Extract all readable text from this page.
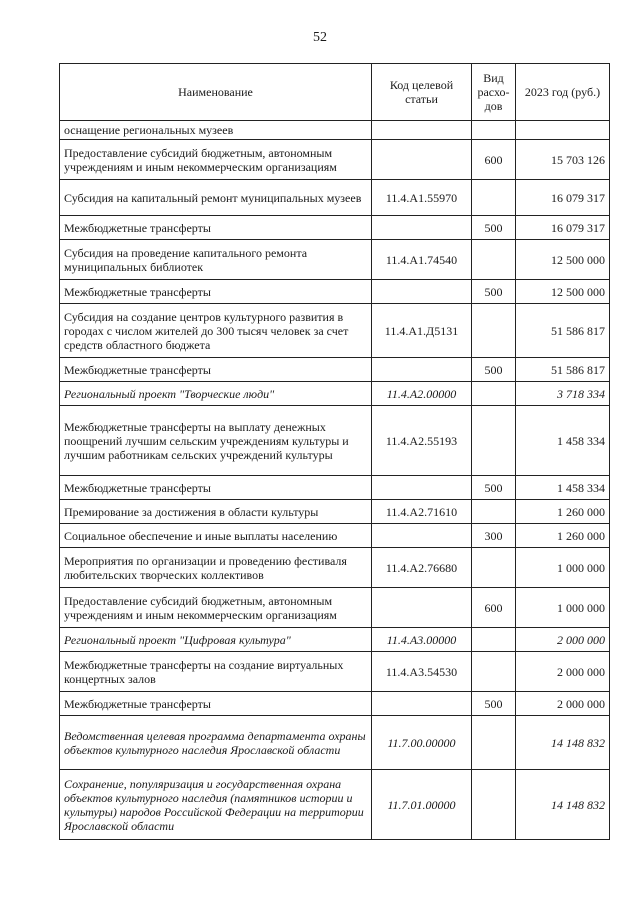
52
Наименование	Код целевой статьи	Вид расхо-дов	2023 год (руб.)
оснащение региональных музеев			
Предоставление субсидий бюджетным, автономным учреждениям и иным некоммерческим организациям		600	15 703 126
Субсидия на капитальный ремонт муниципальных музеев	11.4.A1.55970		16 079 317
Межбюджетные трансферты		500	16 079 317
Субсидия на проведение капитального ремонта муниципальных библиотек	11.4.A1.74540		12 500 000
Межбюджетные трансферты		500	12 500 000
Субсидия на создание центров культурного развития в городах с числом жителей до 300 тысяч человек за счет средств областного бюджета	11.4.A1.Д5131		51 586 817
Межбюджетные трансферты		500	51 586 817
Региональный проект "Творческие люди"	11.4.A2.00000		3 718 334
Межбюджетные трансферты на выплату денежных поощрений лучшим сельским учреждениям культуры и лучшим работникам сельских учреждений культуры	11.4.A2.55193		1 458 334
Межбюджетные трансферты		500	1 458 334
Премирование за достижения в области культуры	11.4.A2.71610		1 260 000
Социальное обеспечение и иные выплаты населению		300	1 260 000
Мероприятия по организации и проведению фестиваля любительских творческих коллективов	11.4.A2.76680		1 000 000
Предоставление субсидий бюджетным, автономным учреждениям и иным некоммерческим организациям		600	1 000 000
Региональный проект "Цифровая культура"	11.4.A3.00000		2 000 000
Межбюджетные трансферты на создание виртуальных концертных залов	11.4.A3.54530		2 000 000
Межбюджетные трансферты		500	2 000 000
Ведомственная целевая программа департамента охраны объектов культурного наследия Ярославской области	11.7.00.00000		14 148 832
Сохранение, популяризация и государственная охрана объектов культурного наследия (памятников истории и культуры) народов Российской Федерации на территории Ярославской области	11.7.01.00000		14 148 832
